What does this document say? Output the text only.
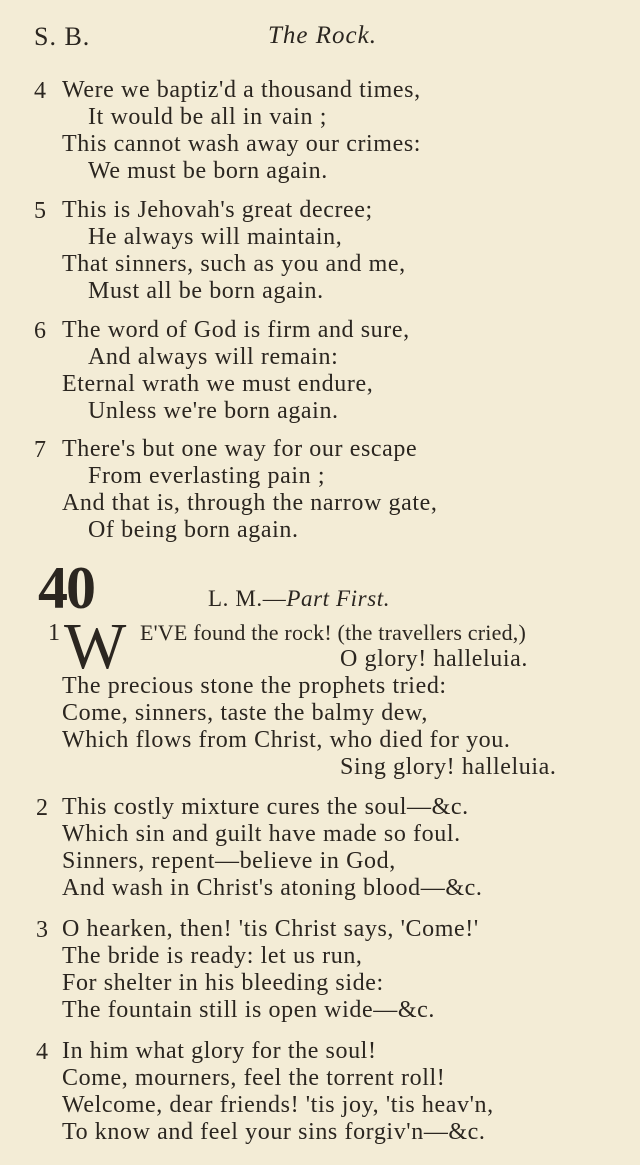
S. B.	The Rock.
4 Were we baptiz'd a thousand times,
It would be all in vain ;
This cannot wash away our crimes:
We must be born again.
5 This is Jehovah's great decree;
He always will maintain,
That sinners, such as you and me,
Must all be born again.
6 The word of God is firm and sure,
And always will remain:
Eternal wrath we must endure,
Unless we're born again.
7 There's but one way for our escape
From everlasting pain ;
And that is, through the narrow gate,
Of being born again.
40	L. M.—Part First.
1 W E'VE found the rock! (the travellers cried,)
O glory! halleluia.
The precious stone the prophets tried:
Come, sinners, taste the balmy dew,
Which flows from Christ, who died for you.
Sing glory! halleluia.
2 This costly mixture cures the soul—&c.
Which sin and guilt have made so foul.
Sinners, repent—believe in God,
And wash in Christ's atoning blood—&c.
3 O hearken, then! 'tis Christ says, 'Come!'
The bride is ready: let us run,
For shelter in his bleeding side:
The fountain still is open wide—&c.
4 In him what glory for the soul!
Come, mourners, feel the torrent roll!
Welcome, dear friends! 'tis joy, 'tis heav'n,
To know and feel your sins forgiv'n—&c.
